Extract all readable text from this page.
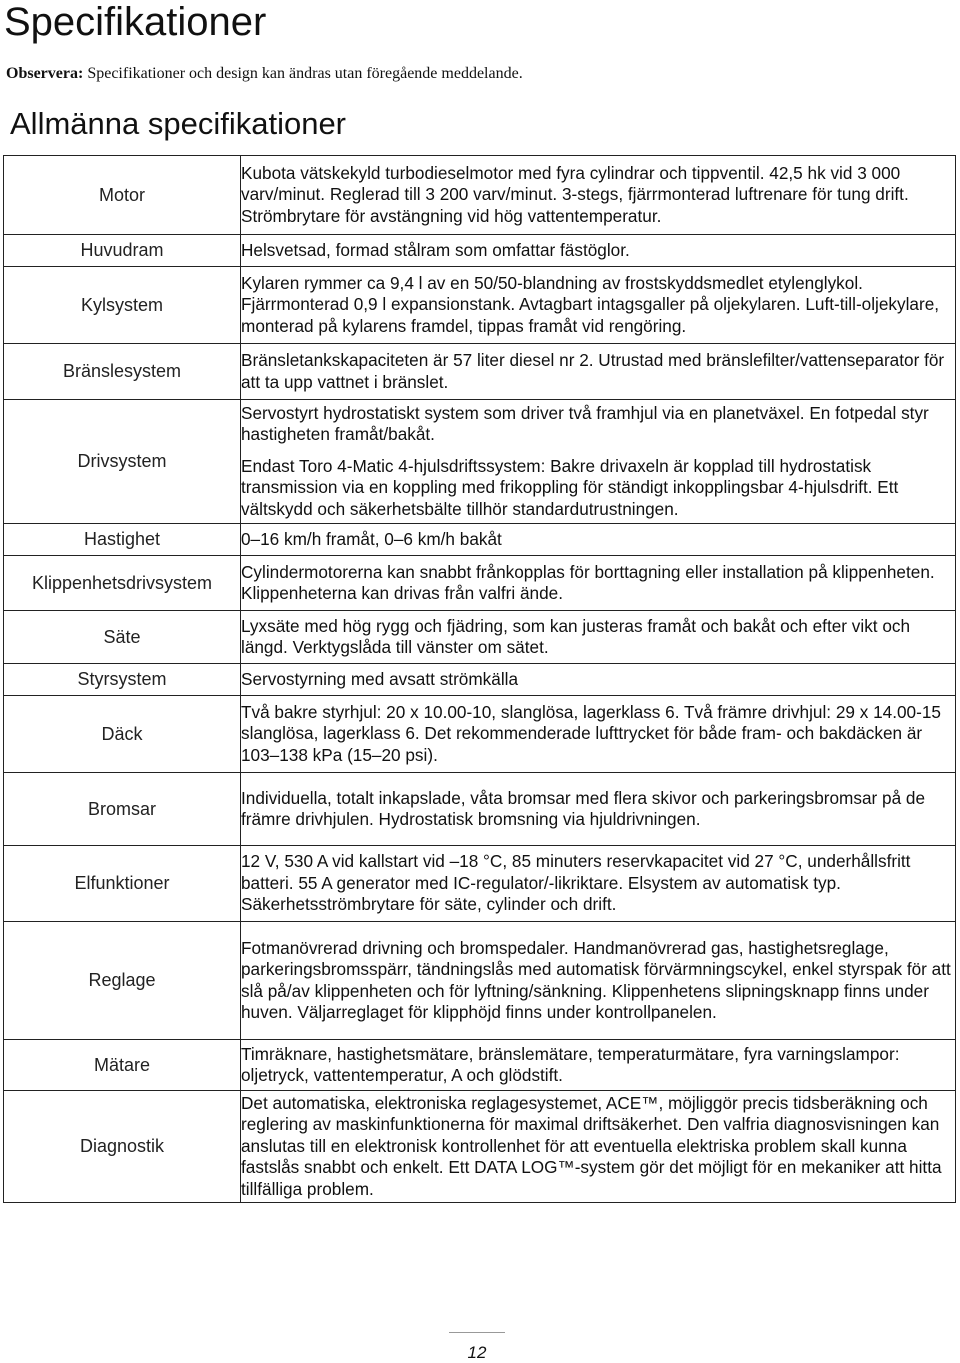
Specifikationer
Observera: Specifikationer och design kan ändras utan föregående meddelande.
Allmänna specifikationer
Motor	Kubota vätskekyld turbodieselmotor med fyra cylindrar och tippventil. 42,5 hk vid 3 000 varv/minut. Reglerad till 3 200 varv/minut. 3-stegs, fjärrmonterad luftrenare för tung drift. Strömbrytare för avstängning vid hög vattentemperatur.
Huvudram	Helsvetsad, formad stålram som omfattar fästöglor.
Kylsystem	Kylaren rymmer ca 9,4 l av en 50/50-blandning av frostskyddsmedlet etylenglykol. Fjärrmonterad 0,9 l expansionstank. Avtagbart intagsgaller på oljekylaren. Luft-till-oljekylare, monterad på kylarens framdel, tippas framåt vid rengöring.
Bränslesystem	Bränsletankskapaciteten är 57 liter diesel nr 2. Utrustad med bränslefilter/vattenseparator för att ta upp vattnet i bränslet.
Drivsystem	Servostyrt hydrostatiskt system som driver två framhjul via en planetväxel. En fotpedal styr hastigheten framåt/bakåt.

Endast Toro 4-Matic 4-hjulsdriftssystem: Bakre drivaxeln är kopplad till hydrostatisk transmission via en koppling med frikoppling för ständigt inkopplingsbar 4-hjulsdrift. Ett vältskydd och säkerhetsbälte tillhör standardutrustningen.

Hastighet	0–16 km/h framåt, 0–6 km/h bakåt
Klippenhetsdrivsystem	Cylindermotorerna kan snabbt frånkopplas för borttagning eller installation på klippenheten. Klippenheterna kan drivas från valfri ände.
Säte	Lyxsäte med hög rygg och fjädring, som kan justeras framåt och bakåt och efter vikt och längd. Verktygslåda till vänster om sätet.
Styrsystem	Servostyrning med avsatt strömkälla
Däck	Två bakre styrhjul: 20 x 10.00-10, slanglösa, lagerklass 6. Två främre drivhjul: 29 x 14.00-15 slanglösa, lagerklass 6. Det rekommenderade lufttrycket för både fram- och bakdäcken är 103–138 kPa (15–20 psi).
Bromsar	Individuella, totalt inkapslade, våta bromsar med flera skivor och parkeringsbromsar på de främre drivhjulen. Hydrostatisk bromsning via hjuldrivningen.
Elfunktioner	12 V, 530 A vid kallstart vid –18 °C, 85 minuters reservkapacitet vid 27 °C, underhållsfritt batteri. 55 A generator med IC-regulator/-likriktare. Elsystem av automatisk typ. Säkerhetsströmbrytare för säte, cylinder och drift.
Reglage	Fotmanövrerad drivning och bromspedaler. Handmanövrerad gas, hastighetsreglage, parkeringsbromsspärr, tändningslås med automatisk förvärmningscykel, enkel styrspak för att slå på/av klippenheten och för lyftning/sänkning. Klippenhetens slipningsknapp finns under huven. Väljarreglaget för klipphöjd finns under kontrollpanelen.
Mätare	Timräknare, hastighetsmätare, bränslemätare, temperaturmätare, fyra varningslampor: oljetryck, vattentemperatur, A och glödstift.
Diagnostik	Det automatiska, elektroniska reglagesystemet, ACE™, möjliggör precis tidsberäkning och reglering av maskinfunktionerna för maximal driftsäkerhet. Den valfria diagnosvisningen kan anslutas till en elektronisk kontrollenhet för att eventuella elektriska problem skall kunna fastslås snabbt och enkelt. Ett DATA LOG™-system gör det möjligt för en mekaniker att hitta tillfälliga problem.
12
